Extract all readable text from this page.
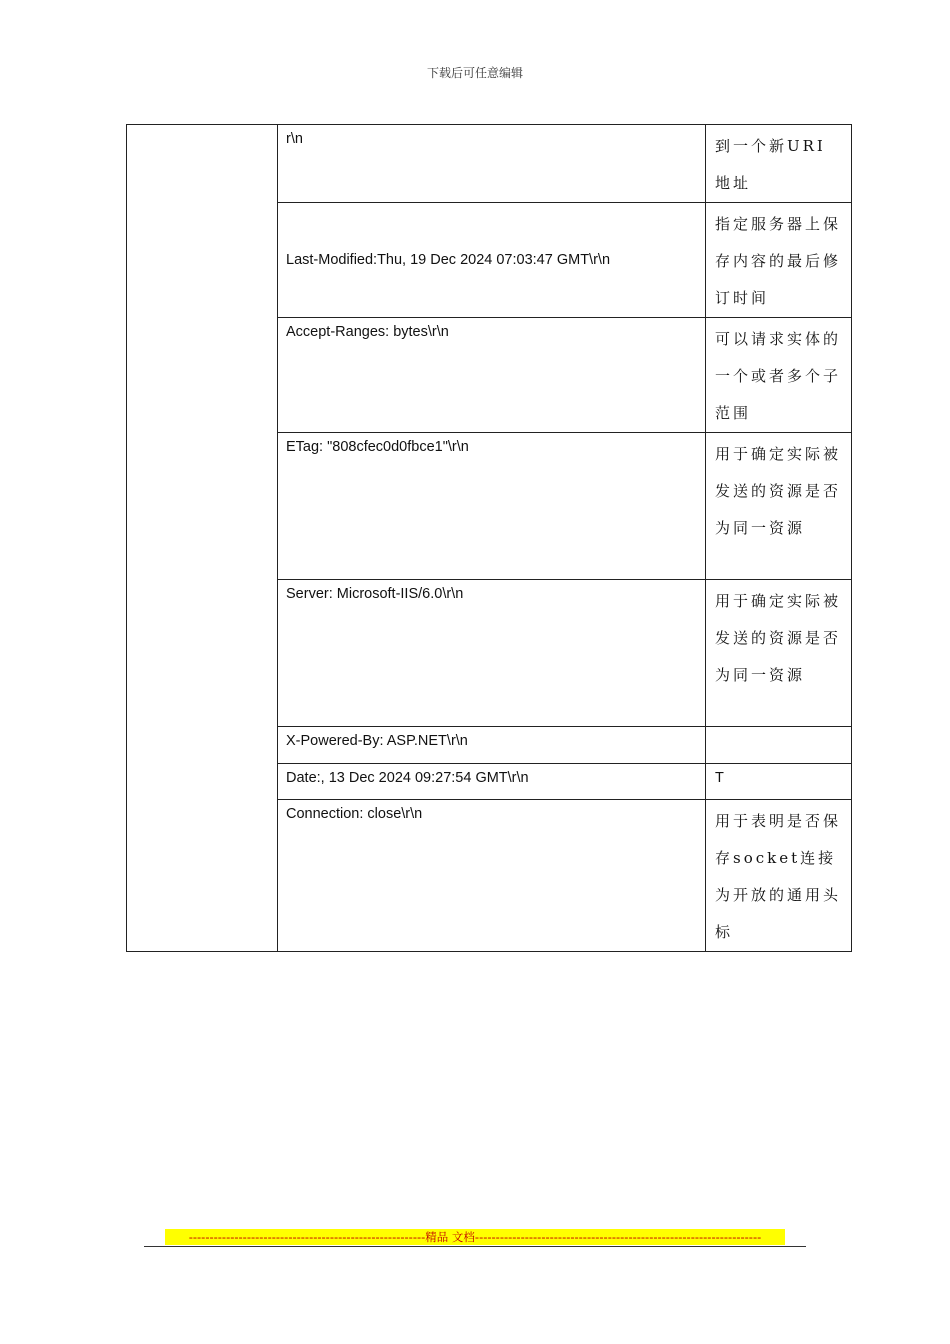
下载后可任意编辑
	r\n	到一个新URI地址
	Last-Modified:Thu, 19 Dec 2024 07:03:47 GMT\r\n	指定服务器上保存内容的最后修订时间
	Accept-Ranges: bytes\r\n	可以请求实体的一个或者多个子范围
	ETag: "808cfec0d0fbce1"\r\n	用于确定实际被发送的资源是否为同一资源
	Server: Microsoft-IIS/6.0\r\n	用于确定实际被发送的资源是否为同一资源
	X-Powered-By: ASP.NET\r\n	
	Date:, 13 Dec 2024 09:27:54 GMT\r\n	T
	Connection: close\r\n	用于表明是否保存socket连接为开放的通用头标
---------------------------------------------------------精品 文档---------------------------------------------------------------------
